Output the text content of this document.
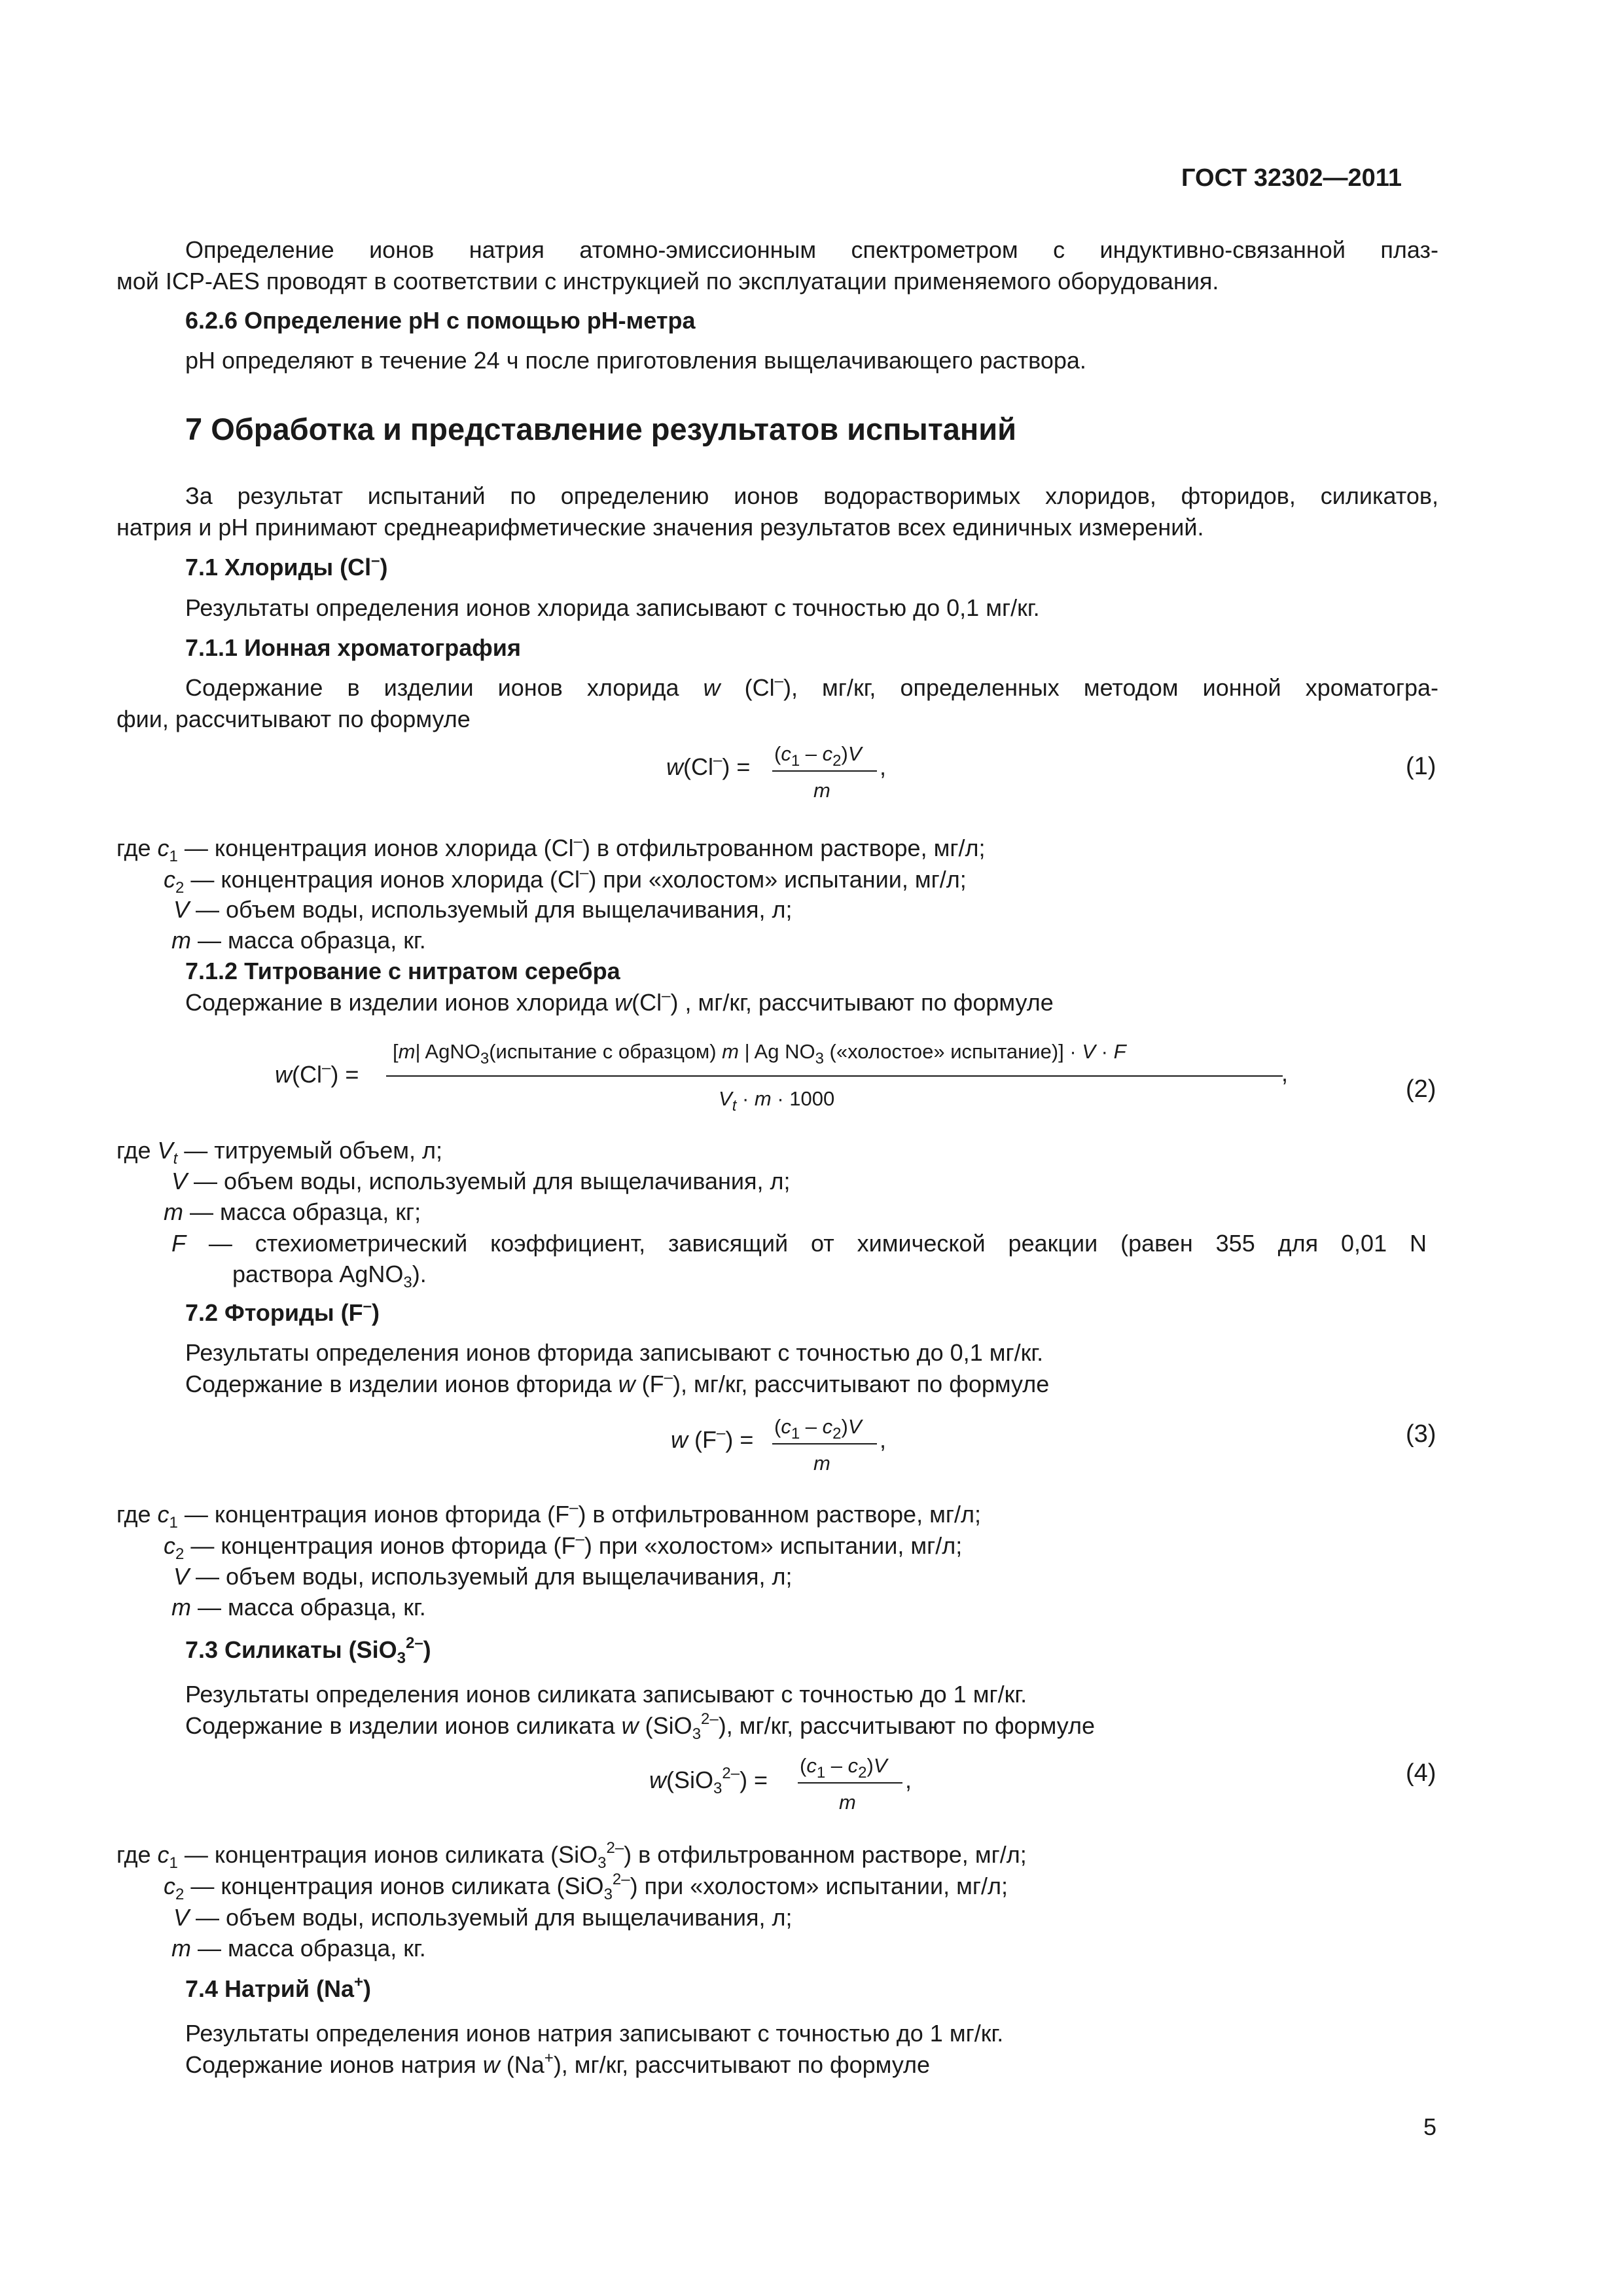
ГОСТ 32302—2011
Определение ионов натрия атомно-эмиссионным спектрометром с индуктивно-связанной плаз-
мой ICP-AES проводят в соответствии с инструкцией по эксплуатации применяемого оборудования.
6.2.6 Определение pH с помощью pH-метра
pH определяют в течение 24 ч после приготовления выщелачивающего раствора.
7 Обработка и представление результатов испытаний
За результат испытаний по определению ионов водорастворимых хлоридов, фторидов, силикатов,
натрия и pH принимают среднеарифметические значения результатов всех единичных измерений.
7.1 Хлориды (Cl–)
Результаты определения ионов хлорида записывают с точностью до 0,1 мг/кг.
7.1.1 Ионная хроматография
Содержание в изделии ионов хлорида w (Cl–), мг/кг, определенных методом ионной хроматогра-
фии, рассчитывают по формуле
$w(Cl^-) = (c_1 - c_2)V$
m
,	(1)
где $c_1$ — концентрация ионов хлорида (Cl–) в отфильтрованном растворе, мг/л;
$c_2$ — концентрация ионов хлорида (Cl–) при «холостом» испытании, мг/л;
V — объем воды, используемый для выщелачивания, л;
m — масса образца, кг.
7.1.2 Титрование с нитратом серебра
Содержание в изделии ионов хлорида w(Cl–) , мг/кг, рассчитывают по формуле
w(Cl–) =
[m| AgNO$_3$(испытание с образцом) m | Ag $NO_3$ («холостое» испытание)] · V · F
$V_t \cdot m \cdot 1000$
,
(2)
где $V_t$ — титруемый объем, л;
V — объем воды, используемый для выщелачивания, л;
m — масса образца, кг;
F — стехиометрический коэффициент, зависящий от химической реакции (равен 355 для 0,01 N
раствора AgNO$_3$).
7.2 Фториды (F–)
Результаты определения ионов фторида записывают с точностью до 0,1 мг/кг.
Содержание в изделии ионов фторида w (F–), мг/кг, рассчитывают по формуле
w $(F^-) = (c_1 - c_2)V$
m
,	(3)
где $c_1$ — концентрация ионов фторида (F–) в отфильтрованном растворе, мг/л;
$c_2$ — концентрация ионов фторида (F–) при «холостом» испытании, мг/л;
V — объем воды, используемый для выщелачивания, л;
m — масса образца, кг.
7.3 Силикаты (SiO$_3^{2-}$)
Результаты определения ионов силиката записывают с точностью до 1 мг/кг.
Содержание в изделии ионов силиката w (SiO$_3^{2-}$), мг/кг, рассчитывают по формуле
w(SiO$_3^{2-}$) =
$(c_1 - c_2)V$
m
,	(4)
где $c_1$ — концентрация ионов силиката (SiO$_3^{2-}$) в отфильтрованном растворе, мг/л;
$c_2$ — концентрация ионов силиката (SiO$_3^{2-}$) при «холостом» испытании, мг/л;
V — объем воды, используемый для выщелачивания, л;
m — масса образца, кг.
7.4 Натрий (Na+)
Результаты определения ионов натрия записывают с точностью до 1 мг/кг.
Содержание ионов натрия w (Na+), мг/кг, рассчитывают по формуле
5
